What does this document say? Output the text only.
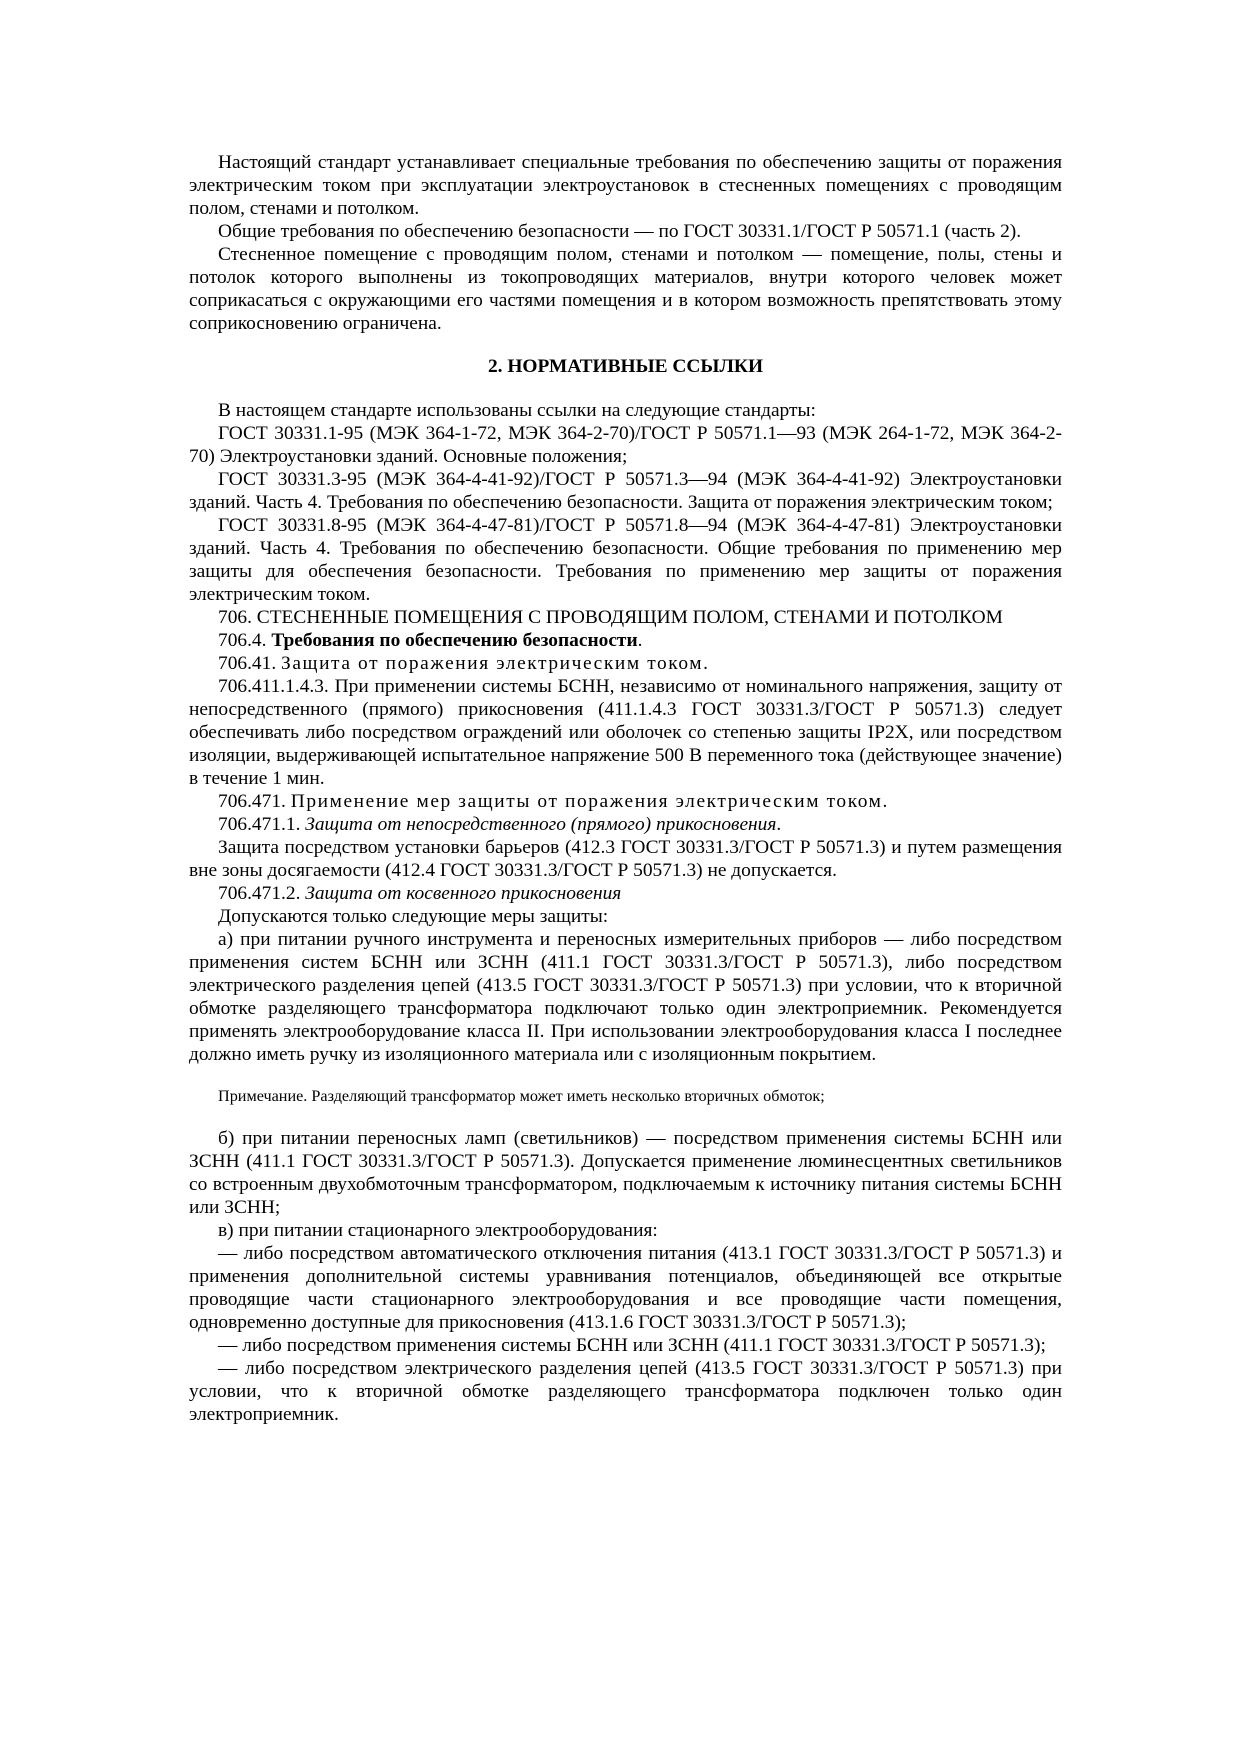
Настоящий стандарт устанавливает специальные требования по обеспечению защиты от поражения электрическим током при эксплуатации электроустановок в стесненных помещениях с проводящим полом, стенами и потолком.

Общие требования по обеспечению безопасности — по ГОСТ 30331.1/ГОСТ Р 50571.1 (часть 2).

Стесненное помещение с проводящим полом, стенами и потолком — помещение, полы, стены и потолок которого выполнены из токопроводящих материалов, внутри которого человек может соприкасаться с окружающими его частями помещения и в котором возможность препятствовать этому соприкосновению ограничена.

2. НОРМАТИВНЫЕ ССЫЛКИ

В настоящем стандарте использованы ссылки на следующие стандарты:

ГОСТ 30331.1-95 (МЭК 364-1-72, МЭК 364-2-70)/ГОСТ Р 50571.1—93 (МЭК 264-1-72, МЭК 364-2-70) Электроустановки зданий. Основные положения;

ГОСТ 30331.3-95 (МЭК 364-4-41-92)/ГОСТ Р 50571.3—94 (МЭК 364-4-41-92) Электроустановки зданий. Часть 4. Требования по обеспечению безопасности. Защита от поражения электрическим током;

ГОСТ 30331.8-95 (МЭК 364-4-47-81)/ГОСТ Р 50571.8—94 (МЭК 364-4-47-81) Электроустановки зданий. Часть 4. Требования по обеспечению безопасности. Общие требования по применению мер защиты для обеспечения безопасности. Требования по применению мер защиты от поражения электрическим током.

706. СТЕСНЕННЫЕ ПОМЕЩЕНИЯ С ПРОВОДЯЩИМ ПОЛОМ, СТЕНАМИ И ПОТОЛКОМ

706.4. Требования по обеспечению безопасности.

706.41. Защита от поражения электрическим током.

706.411.1.4.3. При применении системы БСНН, независимо от номинального напряжения, защиту от непосредственного (прямого) прикосновения (411.1.4.3 ГОСТ 30331.3/ГОСТ Р 50571.3) следует обеспечивать либо посредством ограждений или оболочек со степенью защиты IP2X, или посредством изоляции, выдерживающей испытательное напряжение 500 В переменного тока (действующее значение) в течение 1 мин.

706.471. Применение мер защиты от поражения электрическим током.

706.471.1. Защита от непосредственного (прямого) прикосновения.

Защита посредством установки барьеров (412.3 ГОСТ 30331.3/ГОСТ Р 50571.3) и путем размещения вне зоны досягаемости (412.4 ГОСТ 30331.3/ГОСТ Р 50571.3) не допускается.

706.471.2. Защита от косвенного прикосновения

Допускаются только следующие меры защиты:

а) при питании ручного инструмента и переносных измерительных приборов — либо посредством применения систем БСНН или ЗСНН (411.1 ГОСТ 30331.3/ГОСТ Р 50571.3), либо посредством электрического разделения цепей (413.5 ГОСТ 30331.3/ГОСТ Р 50571.3) при условии, что к вторичной обмотке разделяющего трансформатора подключают только один электроприемник. Рекомендуется применять электрооборудование класса II. При использовании электрооборудования класса I последнее должно иметь ручку из изоляционного материала или с изоляционным покрытием.

Примечание. Разделяющий трансформатор может иметь несколько вторичных обмоток;

б) при питании переносных ламп (светильников) — посредством применения системы БСНН или ЗСНН (411.1 ГОСТ 30331.3/ГОСТ Р 50571.3). Допускается применение люминесцентных светильников со встроенным двухобмоточным трансформатором, подключаемым к источнику питания системы БСНН или ЗСНН;

в) при питании стационарного электрооборудования:

— либо посредством автоматического отключения питания (413.1 ГОСТ 30331.3/ГОСТ Р 50571.3) и применения дополнительной системы уравнивания потенциалов, объединяющей все открытые проводящие части стационарного электрооборудования и все проводящие части помещения, одновременно доступные для прикосновения (413.1.6 ГОСТ 30331.3/ГОСТ Р 50571.3);

— либо посредством применения системы БСНН или ЗСНН (411.1 ГОСТ 30331.3/ГОСТ Р 50571.3);

— либо посредством электрического разделения цепей (413.5 ГОСТ 30331.3/ГОСТ Р 50571.3) при условии, что к вторичной обмотке разделяющего трансформатора подключен только один электроприемник.
